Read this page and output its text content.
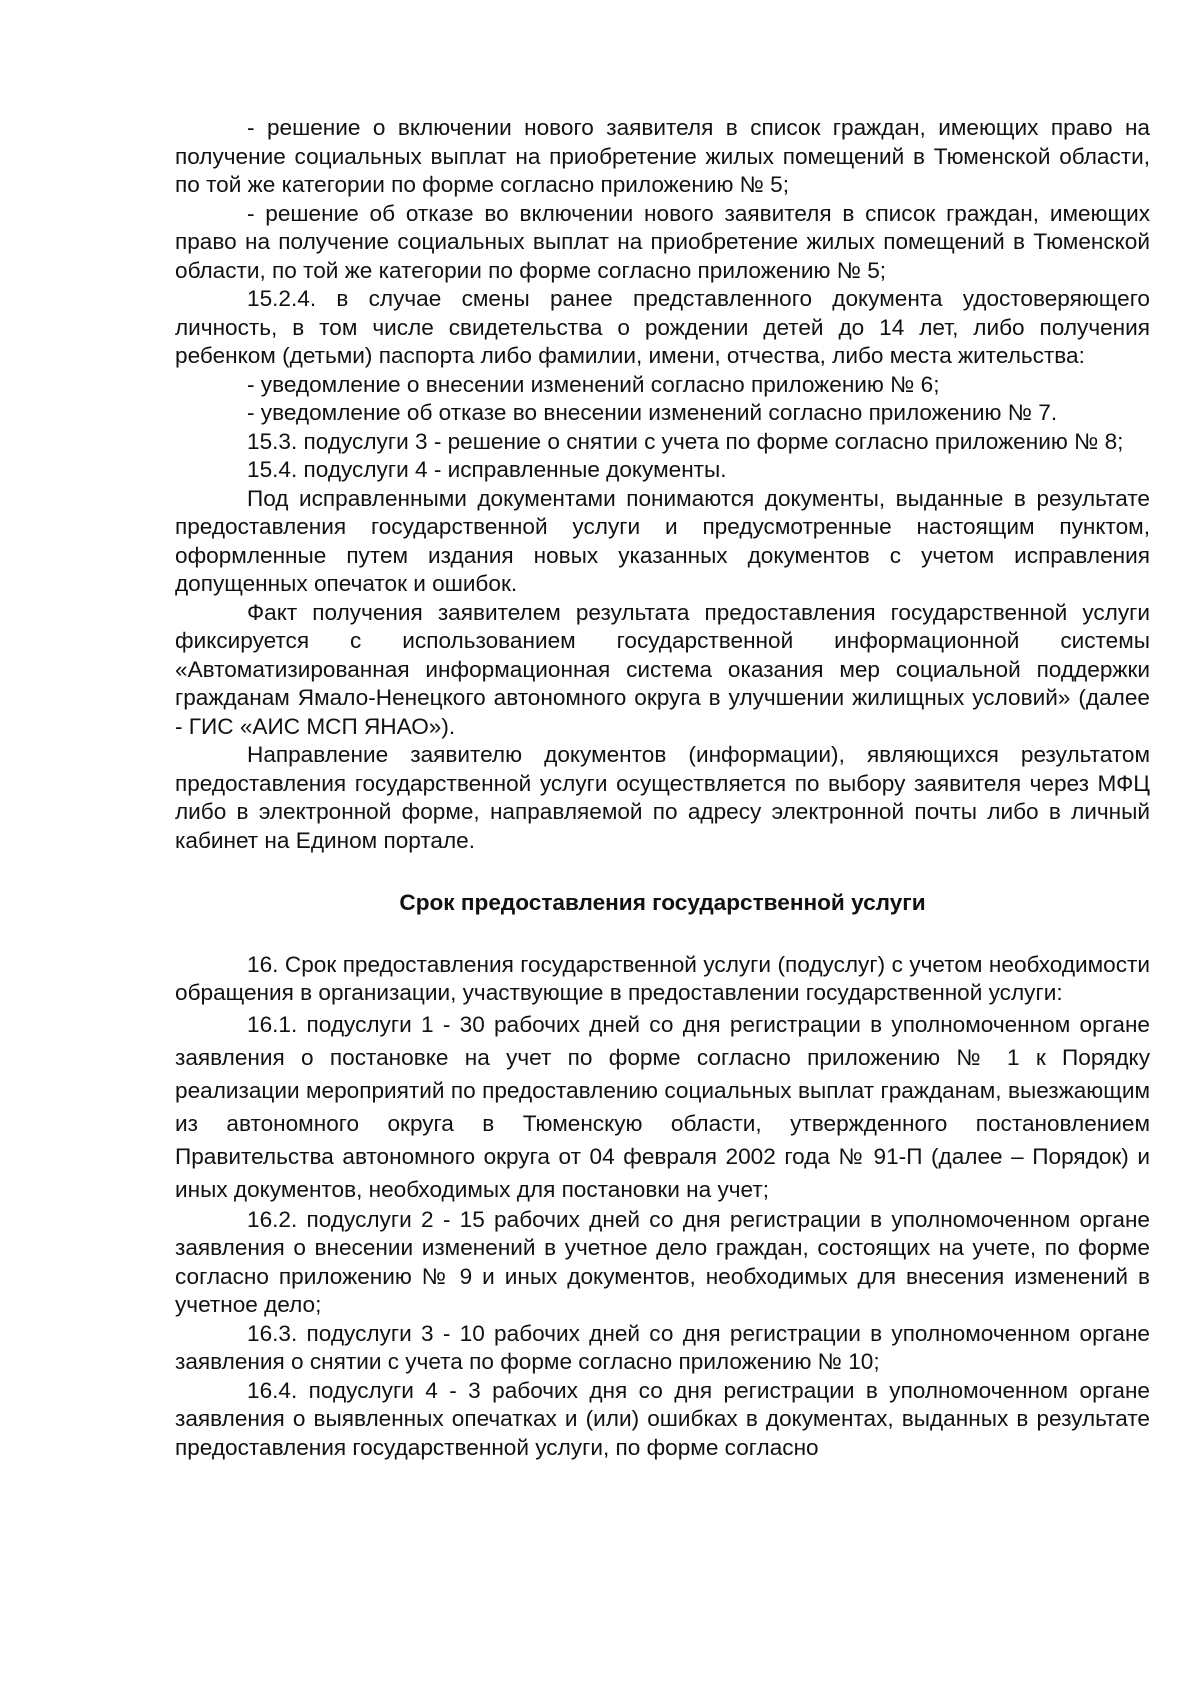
- решение о включении нового заявителя в список граждан, имеющих право на получение социальных выплат на приобретение жилых помещений в Тюменской области, по той же категории по форме согласно приложению № 5;

- решение об отказе во включении нового заявителя в список граждан, имеющих право на получение социальных выплат на приобретение жилых помещений в Тюменской области, по той же категории по форме согласно приложению № 5;

15.2.4. в случае смены ранее представленного документа удостоверяющего личность, в том числе свидетельства о рождении детей до 14 лет, либо получения ребенком (детьми) паспорта либо фамилии, имени, отчества, либо места жительства:

- уведомление о внесении изменений согласно приложению № 6;

- уведомление об отказе во внесении изменений согласно приложению № 7.

15.3. подуслуги 3 - решение о снятии с учета по форме согласно приложению № 8;

15.4. подуслуги 4 - исправленные документы.

Под исправленными документами понимаются документы, выданные в результате предоставления государственной услуги и предусмотренные настоящим пунктом, оформленные путем издания новых указанных документов с учетом исправления допущенных опечаток и ошибок.

Факт получения заявителем результата предоставления государственной услуги фиксируется с использованием государственной информационной системы «Автоматизированная информационная система оказания мер социальной поддержки гражданам Ямало-Ненецкого автономного округа в улучшении жилищных условий» (далее - ГИС «АИС МСП ЯНАО»).

Направление заявителю документов (информации), являющихся результатом предоставления государственной услуги осуществляется по выбору заявителя через МФЦ либо в электронной форме, направляемой по адресу электронной почты либо в личный кабинет на Едином портале.

Срок предоставления государственной услуги

16. Срок предоставления государственной услуги (подуслуг) с учетом необходимости обращения в организации, участвующие в предоставлении государственной услуги:

16.1. подуслуги 1 - 30 рабочих дней со дня регистрации в уполномоченном органе заявления о постановке на учет по форме согласно приложению № 1 к Порядку реализации мероприятий по предоставлению социальных выплат гражданам, выезжающим из автономного округа в Тюменскую области, утвержденного постановлением Правительства автономного округа от 04 февраля 2002 года № 91-П (далее – Порядок) и иных документов, необходимых для постановки на учет;

16.2. подуслуги 2 - 15 рабочих дней со дня регистрации в уполномоченном органе заявления о внесении изменений в учетное дело граждан, состоящих на учете, по форме согласно приложению № 9 и иных документов, необходимых для внесения изменений в учетное дело;

16.3. подуслуги 3 - 10 рабочих дней со дня регистрации в уполномоченном органе заявления о снятии с учета по форме согласно приложению № 10;

16.4. подуслуги 4 - 3 рабочих дня со дня регистрации в уполномоченном органе заявления о выявленных опечатках и (или) ошибках в документах, выданных в результате предоставления государственной услуги, по форме согласно
